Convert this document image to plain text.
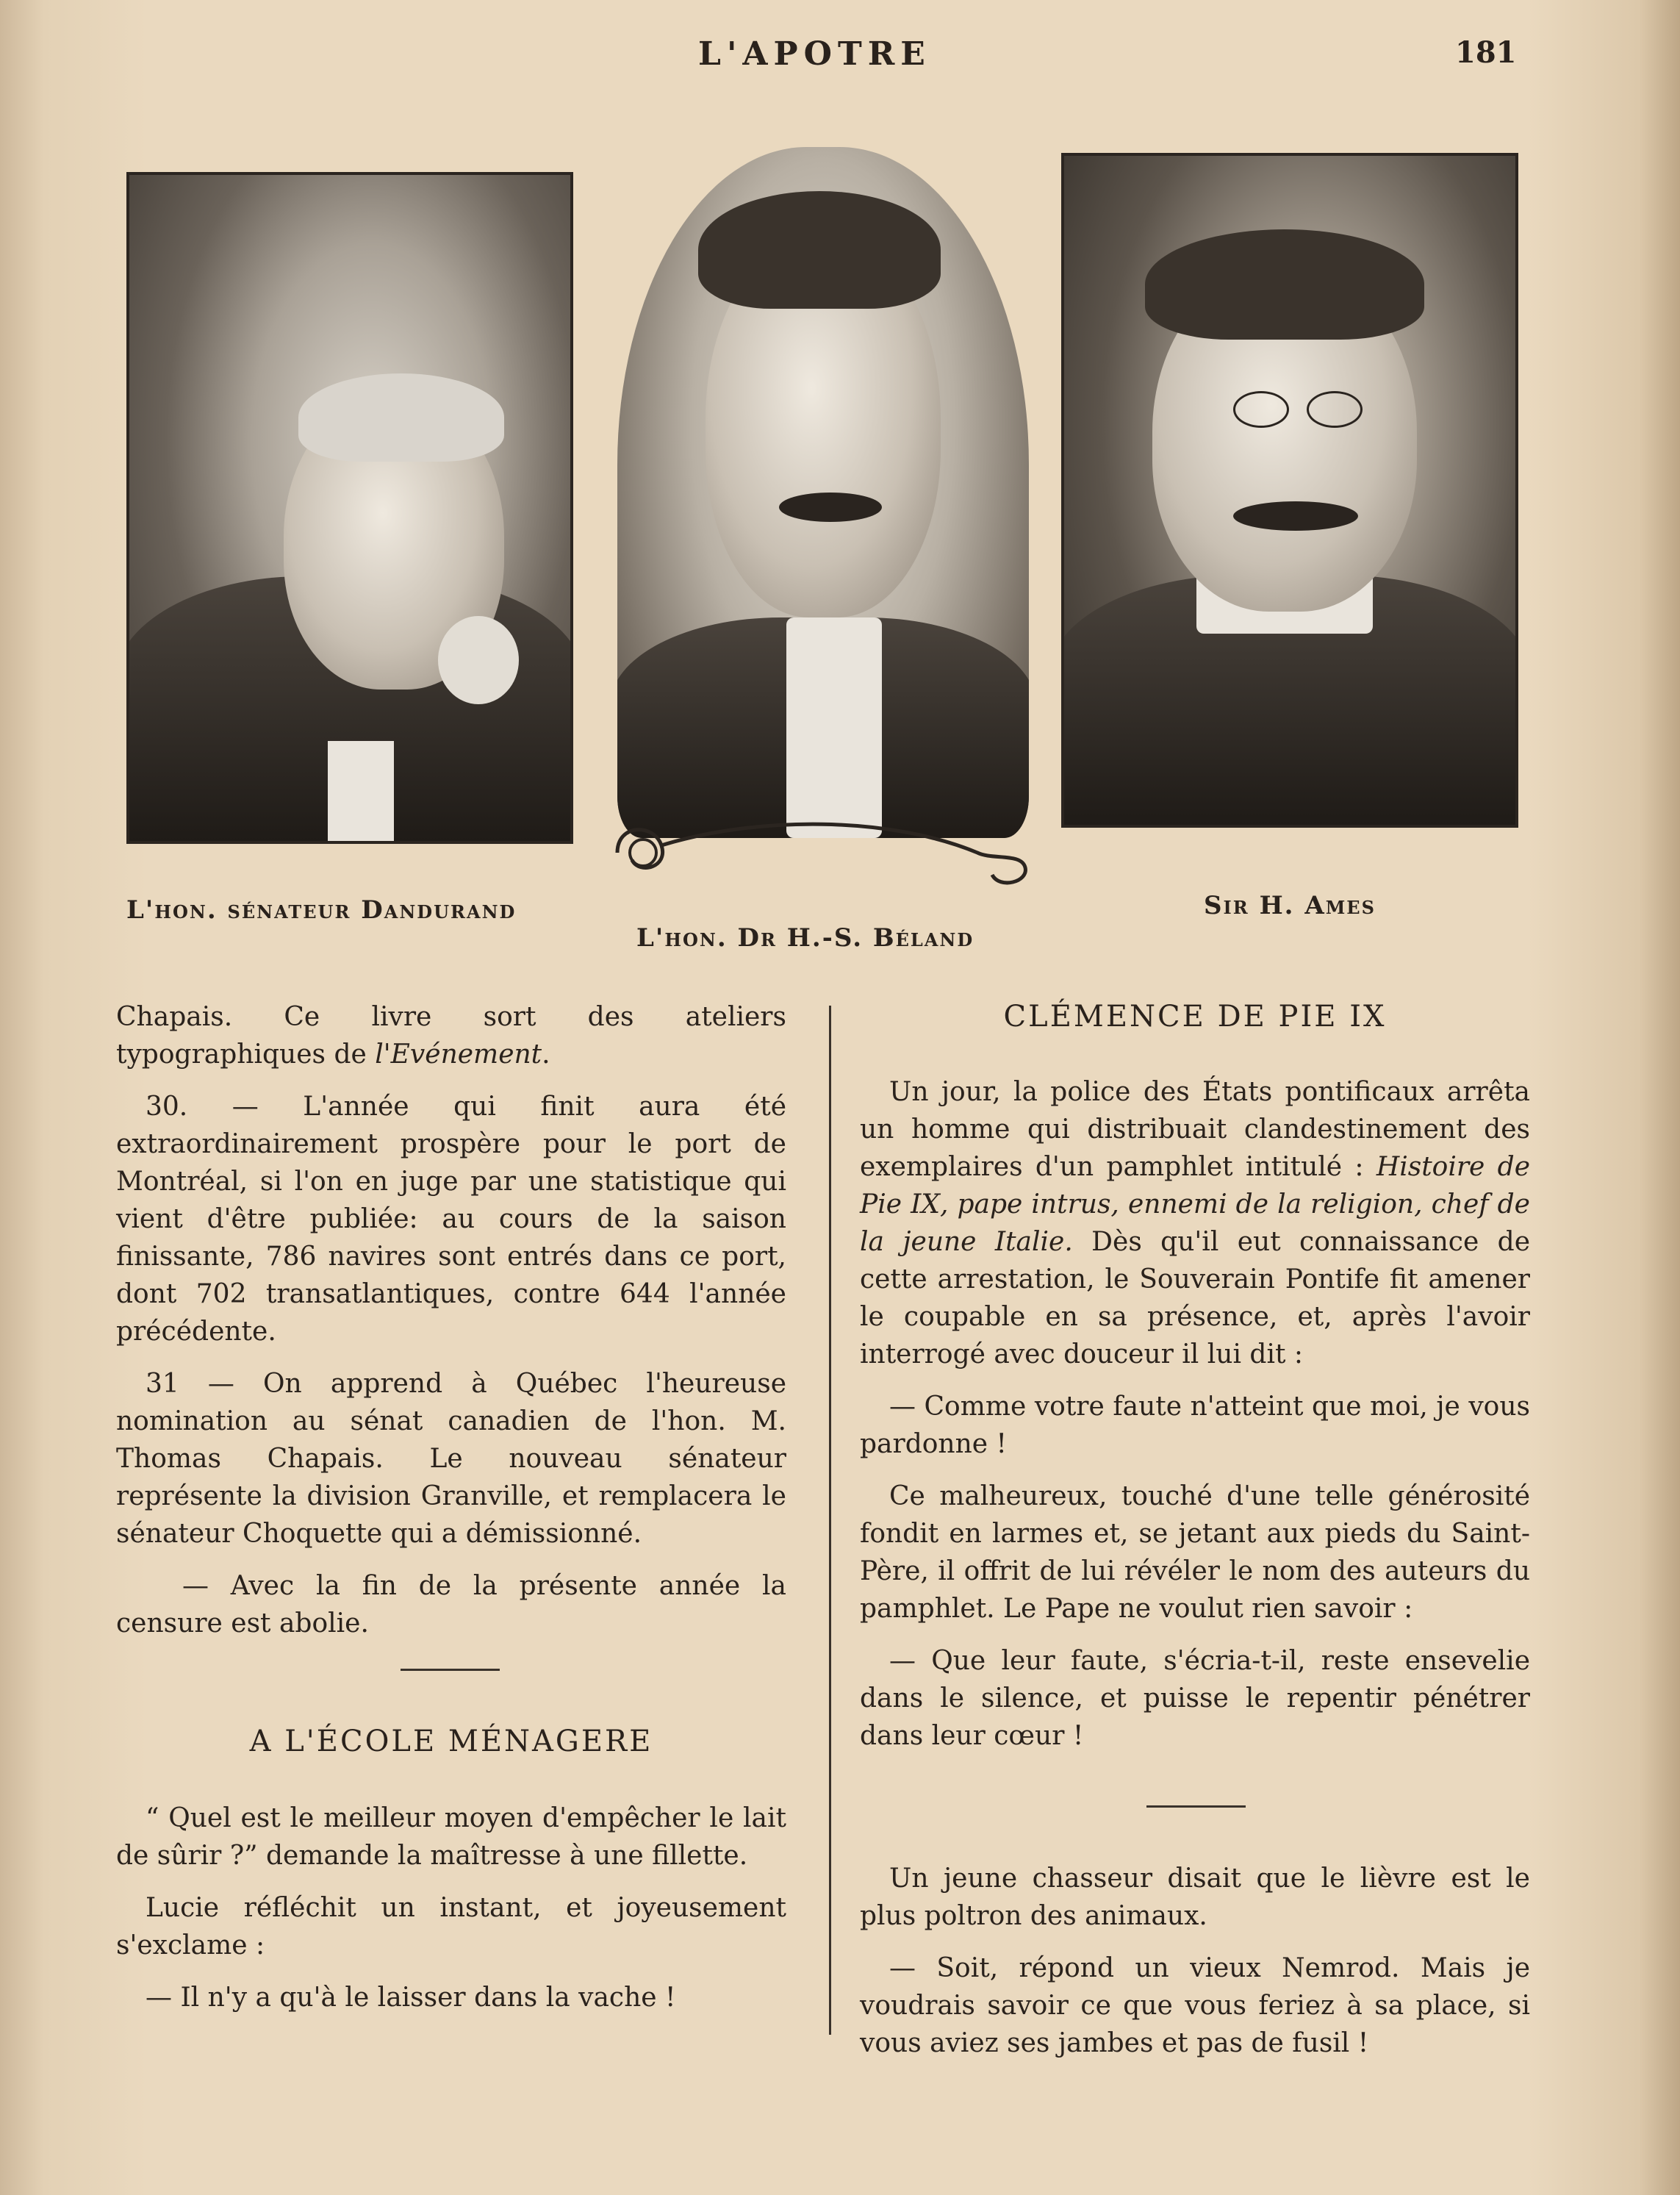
L'APOTRE	181
L'hon. sénateur Dandurand
L'hon. Dr H.-S. Béland
Sir H. Ames

Chapais. Ce livre sort des ateliers typographiques de l'Evénement.

30. — L'année qui finit aura été extraordinairement prospère pour le port de Montréal, si l'on en juge par une statistique qui vient d'être publiée: au cours de la saison finissante, 786 navires sont entrés dans ce port, dont 702 transatlantiques, contre 644 l'année précédente.

31 — On apprend à Québec l'heureuse nomination au sénat canadien de l'hon. M. Thomas Chapais. Le nouveau sénateur représente la division Granville, et remplacera le sénateur Choquette qui a démissionné.

— Avec la fin de la présente année la censure est abolie.

A L'ÉCOLE MÉNAGERE

“ Quel est le meilleur moyen d'empêcher le lait de sûrir ?” demande la maîtresse à une fillette.

Lucie réfléchit un instant, et joyeusement s'exclame :

— Il n'y a qu'à le laisser dans la vache !

CLÉMENCE DE PIE IX

Un jour, la police des États pontificaux arrêta un homme qui distribuait clandestinement des exemplaires d'un pamphlet intitulé : Histoire de Pie IX, pape intrus, ennemi de la religion, chef de la jeune Italie. Dès qu'il eut connaissance de cette arrestation, le Souverain Pontife fit amener le coupable en sa présence, et, après l'avoir interrogé avec douceur il lui dit :

— Comme votre faute n'atteint que moi, je vous pardonne !

Ce malheureux, touché d'une telle générosité fondit en larmes et, se jetant aux pieds du Saint-Père, il offrit de lui révéler le nom des auteurs du pamphlet. Le Pape ne voulut rien savoir :

— Que leur faute, s'écria-t-il, reste ensevelie dans le silence, et puisse le repentir pénétrer dans leur cœur !

Un jeune chasseur disait que le lièvre est le plus poltron des animaux.

— Soit, répond un vieux Nemrod. Mais je voudrais savoir ce que vous feriez à sa place, si vous aviez ses jambes et pas de fusil !
